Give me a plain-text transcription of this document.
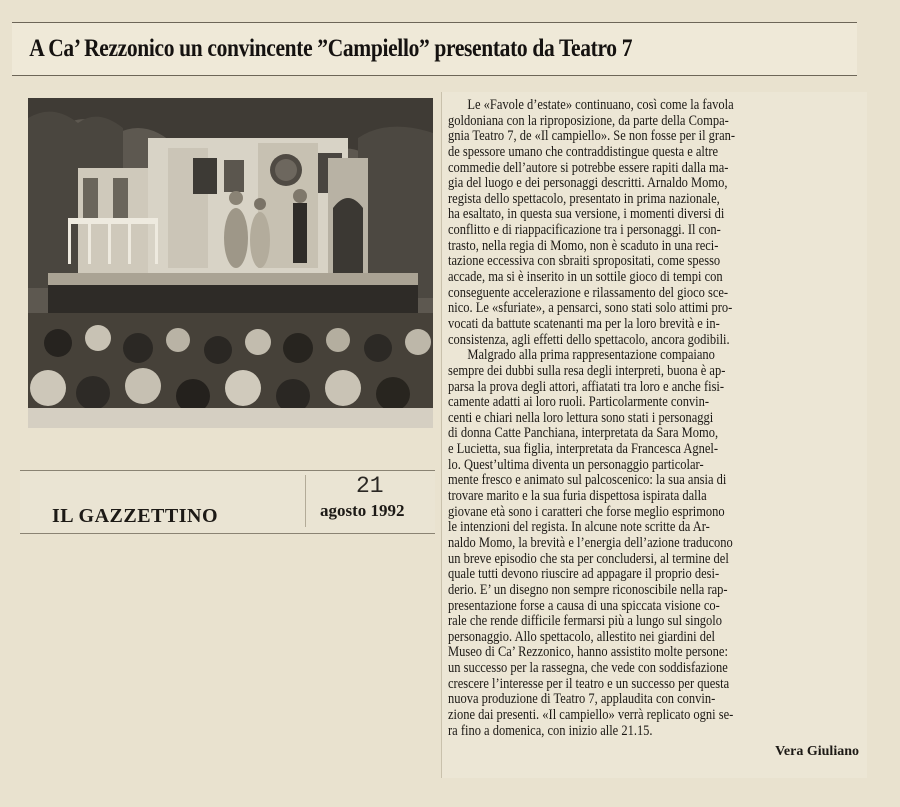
A Ca’ Rezzonico un convincente ”Campiello” presentato da Teatro 7
IL GAZZETTINO
21
agosto 1992
Le «Favole d’estate» continuano, così come la favola
goldoniana con la riproposizione, da parte della Compa-
gnia Teatro 7, de «Il campiello». Se non fosse per il gran-
de spessore umano che contraddistingue questa e altre
commedie dell’autore si potrebbe essere rapiti dalla ma-
gia del luogo e dei personaggi descritti. Arnaldo Momo,
regista dello spettacolo, presentato in prima nazionale,
ha esaltato, in questa sua versione, i momenti diversi di
conflitto e di riappacificazione tra i personaggi. Il con-
trasto, nella regia di Momo, non è scaduto in una reci-
tazione eccessiva con sbraiti spropositati, come spesso
accade, ma si è inserito in un sottile gioco di tempi con
conseguente accelerazione e rilassamento del gioco sce-
nico. Le «sfuriate», a pensarci, sono stati solo attimi pro-
vocati da battute scatenanti ma per la loro brevità e in-
consistenza, agli effetti dello spettacolo, ancora godibili.
Malgrado alla prima rappresentazione compaiano
sempre dei dubbi sulla resa degli interpreti, buona è ap-
parsa la prova degli attori, affiatati tra loro e anche fisi-
camente adatti ai loro ruoli. Particolarmente convin-
centi e chiari nella loro lettura sono stati i personaggi
di donna Catte Panchiana, interpretata da Sara Momo,
e Lucietta, sua figlia, interpretata da Francesca Agnel-
lo. Quest’ultima diventa un personaggio particolar-
mente fresco e animato sul palcoscenico: la sua ansia di
trovare marito e la sua furia dispettosa ispirata dalla
giovane età sono i caratteri che forse meglio esprimono
le intenzioni del regista. In alcune note scritte da Ar-
naldo Momo, la brevità e l’energia dell’azione traducono
un breve episodio che sta per concludersi, al termine del
quale tutti devono riuscire ad appagare il proprio desi-
derio. E’ un disegno non sempre riconoscibile nella rap-
presentazione forse a causa di una spiccata visione co-
rale che rende difficile fermarsi più a lungo sul singolo
personaggio. Allo spettacolo, allestito nei giardini del
Museo di Ca’ Rezzonico, hanno assistito molte persone:
un successo per la rassegna, che vede con soddisfazione
crescere l’interesse per il teatro e un successo per questa
nuova produzione di Teatro 7, applaudita con convin-
zione dai presenti. «Il campiello» verrà replicato ogni se-
ra fino a domenica, con inizio alle 21.15.
Vera Giuliano
